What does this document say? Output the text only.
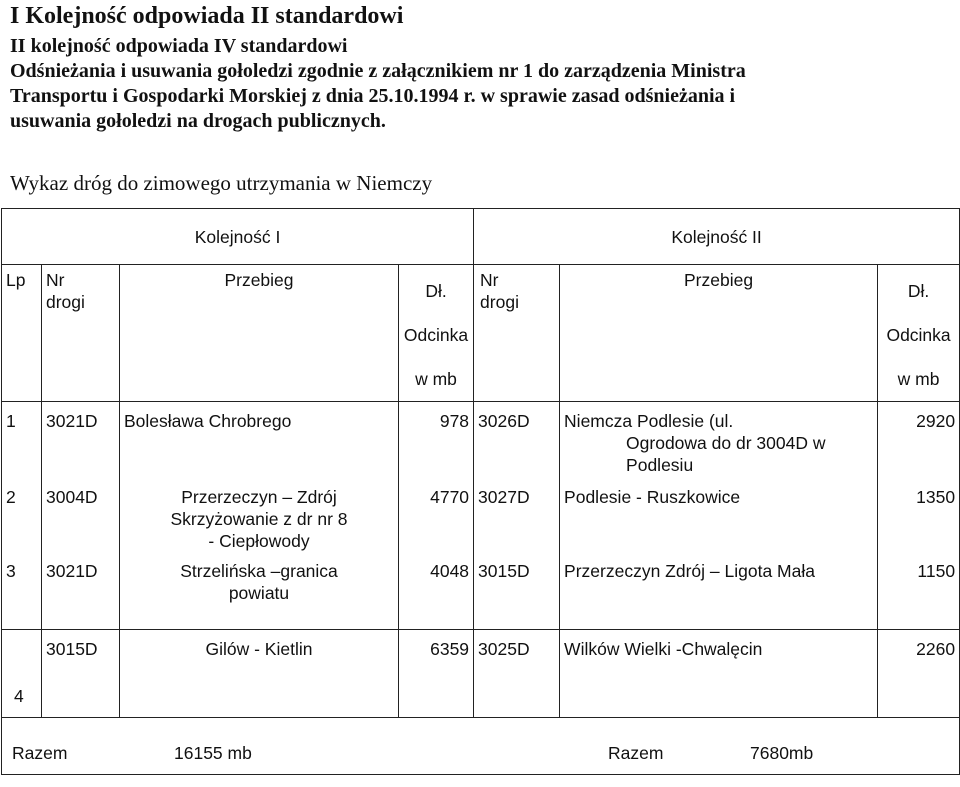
I Kolejność odpowiada II standardowi

II kolejność odpowiada IV standardowi

Odśnieżania i usuwania gołoledzi zgodnie z załącznikiem nr 1 do zarządzenia Ministra

Transportu i Gospodarki Morskiej z dnia 25.10.1994 r. w sprawie zasad odśnieżania i

usuwania gołoledzi na drogach publicznych.

Wykaz dróg do zimowego utrzymania w Niemczy

Kolejność I				Kolejność II		
Lp	Nr
drogi	Przebieg	Dł.
Odcinka
w mb	Nr
drogi	Przebieg	Dł.
Odcinka
w mb

1	3021D	Bolesława Chrobrego	978	3026D	Niemcza Podlesie (ul.
Ogrodowa do dr 3004D w
Podlesiu	2920
2	3004D	Przerzeczyn – Zdrój
Skrzyżowanie z dr nr 8
- Ciepłowody	4770	3027D	Podlesie - Ruszkowice	1350
3	3021D	Strzelińska –granica
powiatu	4048	3015D	Przerzeczyn Zdrój – Ligota Mała	1150
4	3015D	Gilów - Kietlin	6359	3025D	Wilków Wielki -Chwalęcin	2260

Razem 16155 mb Razem 7680mb						
